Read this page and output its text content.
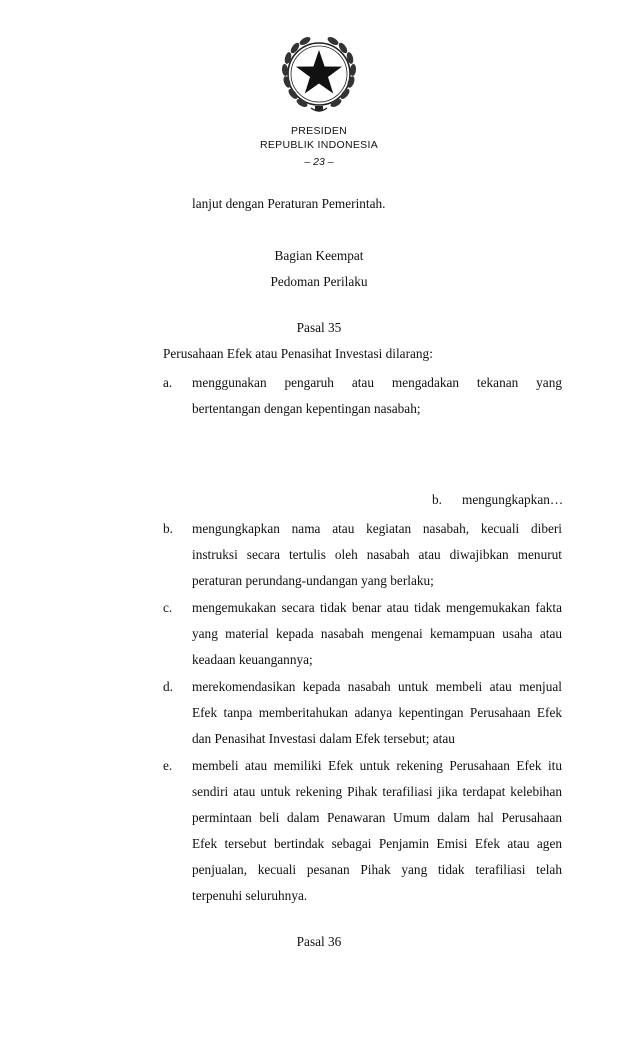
PRESIDEN
REPUBLIK INDONESIA
– 23 –
lanjut dengan Peraturan Pemerintah.
Bagian Keempat
Pedoman Perilaku
Pasal 35
Perusahaan Efek atau Penasihat Investasi dilarang:
a. menggunakan pengaruh atau mengadakan tekanan yang
bertentangan dengan kepentingan nasabah;
b. mengungkapkan…
b. mengungkapkan nama atau kegiatan nasabah, kecuali diberi
instruksi secara tertulis oleh nasabah atau diwajibkan menurut
peraturan perundang-undangan yang berlaku;
c. mengemukakan secara tidak benar atau tidak mengemukakan fakta
yang material kepada nasabah mengenai kemampuan usaha atau
keadaan keuangannya;
d. merekomendasikan kepada nasabah untuk membeli atau menjual
Efek tanpa memberitahukan adanya kepentingan Perusahaan Efek
dan Penasihat Investasi dalam Efek tersebut; atau
e. membeli atau memiliki Efek untuk rekening Perusahaan Efek itu
sendiri atau untuk rekening Pihak terafiliasi jika terdapat kelebihan
permintaan beli dalam Penawaran Umum dalam hal Perusahaan
Efek tersebut bertindak sebagai Penjamin Emisi Efek atau agen
penjualan, kecuali pesanan Pihak yang tidak terafiliasi telah
terpenuhi seluruhnya.
Pasal 36
